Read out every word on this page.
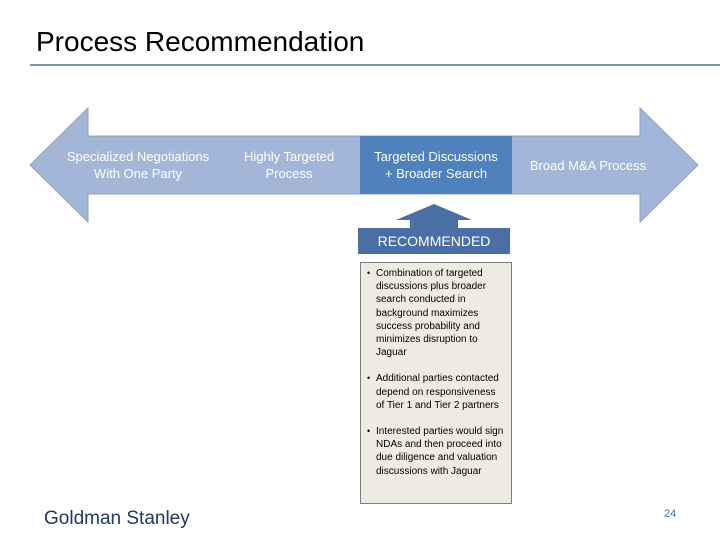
Process Recommendation
Specialized Negotiations With One Party
Highly Targeted Process
Targeted Discussions + Broader Search
Broad M&A Process
RECOMMENDED
• Combination of targeted discussions plus broader search conducted in background maximizes success probability and minimizes disruption to Jaguar
• Additional parties contacted depend on responsiveness of Tier 1 and Tier 2 partners
• Interested parties would sign NDAs and then proceed into due diligence and valuation discussions with Jaguar
Goldman Stanley	24
